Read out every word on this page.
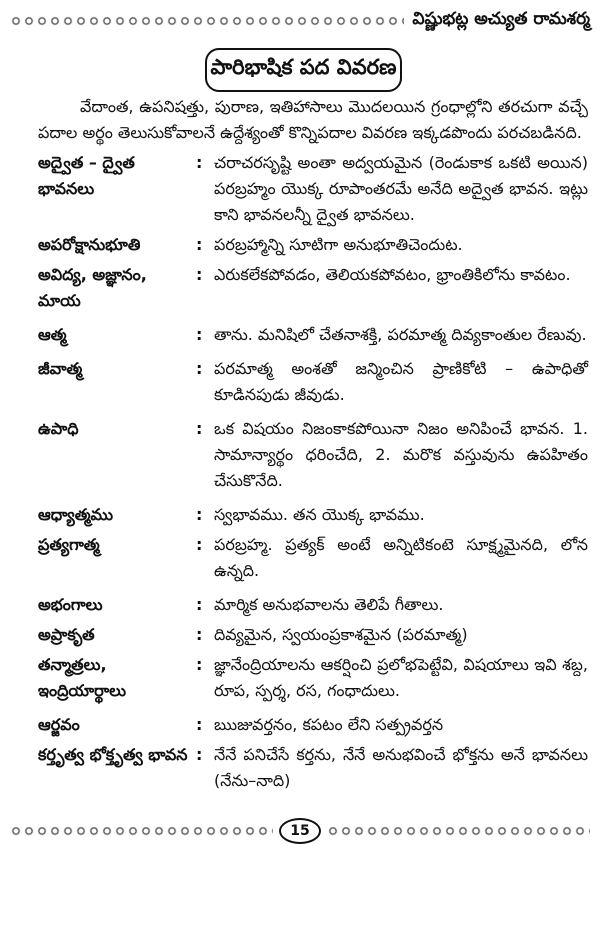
విష్ణుభట్ల అచ్యుత రామశర్మ
పారిభాషిక పద వివరణ

వేదాంత, ఉపనిషత్తు, పురాణ, ఇతిహాసాలు మొదలయిన గ్రంధాల్లోని తరచుగా వచ్చే పదాల అర్థం తెలుసుకోవాలనే ఉద్దేశ్యంతో కొన్నిపదాల వివరణ ఇక్కడపొందు పరచబడినది.

అద్వైత – ద్వైత భావనలు
: చరాచరసృష్టి అంతా అద్వయమైన (రెండుకాక ఒకటి అయిన) పరబ్రహ్మం యొక్క రూపాంతరమే అనేది అద్వైత భావన. ఇట్లు కాని భావనలన్నీ ద్వైత భావనలు.
అపరోక్షానుభూతి	: పరబ్రహ్మాన్ని సూటిగా అనుభూతిచెందుట.
అవిద్య, అజ్ఞానం, మాయ
: ఎరుకలేకపోవడం, తెలియకపోవటం, భ్రాంతికిలోను కావటం.
ఆత్మ	: తాను. మనిషిలో చేతనాశక్తి, పరమాత్మ దివ్యకాంతుల రేణువు.
జీవాత్మ	: పరమాత్మ అంశతో జన్మించిన ప్రాణికోటి – ఉపాధితో కూడినపుడు జీవుడు.
ఉపాధి	: ఒక విషయం నిజంకాకపోయినా నిజం అనిపించే భావన. 1. సామాన్యార్థం ధరించేది, 2. మరొక వస్తువును ఉపహితం చేసుకొనేది.
ఆధ్యాత్మము	: స్వభావము. తన యొక్క భావము.
ప్రత్యగాత్మ	: పరబ్రహ్మ. ప్రత్యక్ అంటే అన్నిటికంటె సూక్ష్మమైనది, లోన ఉన్నది.
అభంగాలు	: మార్మిక అనుభవాలను తెలిపే గీతాలు.
అప్రాకృత	: దివ్యమైన, స్వయంప్రకాశమైన (పరమాత్మ)
తన్మాత్రలు, ఇంద్రియార్థాలు
: జ్ఞానేంద్రియాలను ఆకర్షించి ప్రలోభపెట్టేవి, విషయాలు ఇవి శబ్ద, రూప, స్పర్శ, రస, గంధాదులు.
ఆర్జవం	: ఋజువర్తనం, కపటం లేని సత్ప్రవర్తన
కర్తృత్వ భోక్తృత్వ భావన : నేనే పనిచేసే కర్తను, నేనే అనుభవించే భోక్తను అనే భావనలు (నేను–నాది)
15
